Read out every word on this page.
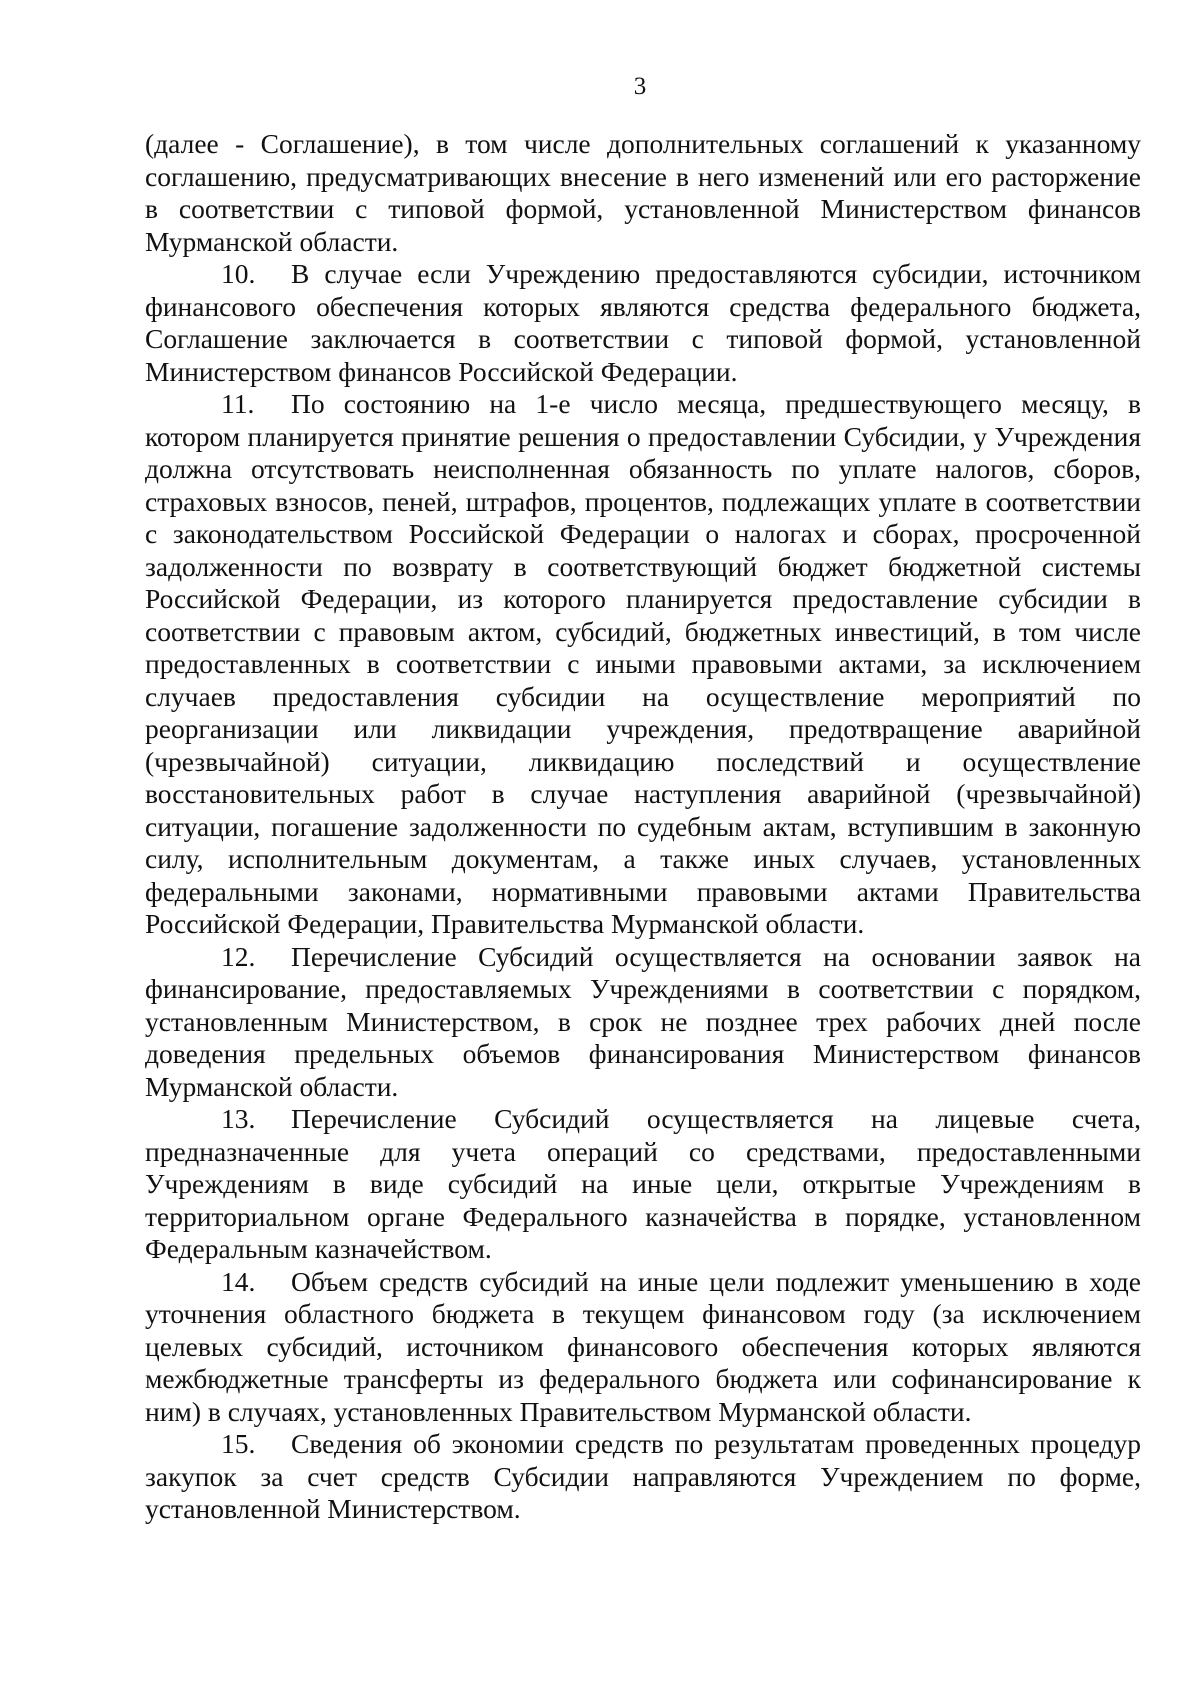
3

(далее - Соглашение), в том числе дополнительных соглашений к указанному соглашению, предусматривающих внесение в него изменений или его расторжение в соответствии с типовой формой, установленной Министерством финансов Мурманской области.

10. В случае если Учреждению предоставляются субсидии, источником финансового обеспечения которых являются средства федерального бюджета, Соглашение заключается в соответствии с типовой формой, установленной Министерством финансов Российской Федерации.

11. По состоянию на 1-е число месяца, предшествующего месяцу, в котором планируется принятие решения о предоставлении Субсидии, у Учреждения должна отсутствовать неисполненная обязанность по уплате налогов, сборов, страховых взносов, пеней, штрафов, процентов, подлежащих уплате в соответствии с законодательством Российской Федерации о налогах и сборах, просроченной задолженности по возврату в соответствующий бюджет бюджетной системы Российской Федерации, из которого планируется предоставление субсидии в соответствии с правовым актом, субсидий, бюджетных инвестиций, в том числе предоставленных в соответствии с иными правовыми актами, за исключением случаев предоставления субсидии на осуществление мероприятий по реорганизации или ликвидации учреждения, предотвращение аварийной (чрезвычайной) ситуации, ликвидацию последствий и осуществление восстановительных работ в случае наступления аварийной (чрезвычайной) ситуации, погашение задолженности по судебным актам, вступившим в законную силу, исполнительным документам, а также иных случаев, установленных федеральными законами, нормативными правовыми актами Правительства Российской Федерации, Правительства Мурманской области.

12. Перечисление Субсидий осуществляется на основании заявок на финансирование, предоставляемых Учреждениями в соответствии с порядком, установленным Министерством, в срок не позднее трех рабочих дней после доведения предельных объемов финансирования Министерством финансов Мурманской области.

13. Перечисление Субсидий осуществляется на лицевые счета, предназначенные для учета операций со средствами, предоставленными Учреждениям в виде субсидий на иные цели, открытые Учреждениям в территориальном органе Федерального казначейства в порядке, установленном Федеральным казначейством.

14. Объем средств субсидий на иные цели подлежит уменьшению в ходе уточнения областного бюджета в текущем финансовом году (за исключением целевых субсидий, источником финансового обеспечения которых являются межбюджетные трансферты из федерального бюджета или софинансирование к ним) в случаях, установленных Правительством Мурманской области.

15. Сведения об экономии средств по результатам проведенных процедур закупок за счет средств Субсидии направляются Учреждением по форме, установленной Министерством.
